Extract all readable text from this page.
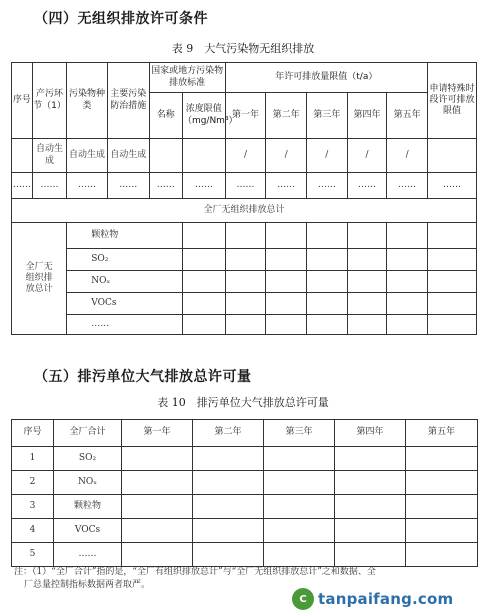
（四）无组织排放许可条件
表 9　大气污染物无组织排放
序号	产污环节（1）	污染物种类	主要污染防治措施	国家或地方污染物排放标准		年许可排放量限值（t/a）					申请特殊时段许可排放限值
				名称	浓度限值（mg/Nm³）	第一年	第二年	第三年	第四年	第五年	
	自动生成	自动生成	自动生成			/	/	/	/	/	
……	……	……	……	……	……	……	……	……	……	……	……
全厂无组织排放总计											
全厂无组织排放总计		颗粒物									
		SO₂									
		NOₓ									
		VOCs									
		……									
（五）排污单位大气排放总许可量
表 10　排污单位大气排放总许可量
序号	全厂合计	第一年	第二年	第三年	第四年	第五年
1	SO₂					
2	NOₓ					
3	颗粒物					
4	VOCs					
5	……					
注：（1）“全厂合计”指的是，“全厂有组织排放总计”与“全厂无组织排放总计”之和数据、全
厂总量控制指标数据两者取严。
C tanpaifang.com
